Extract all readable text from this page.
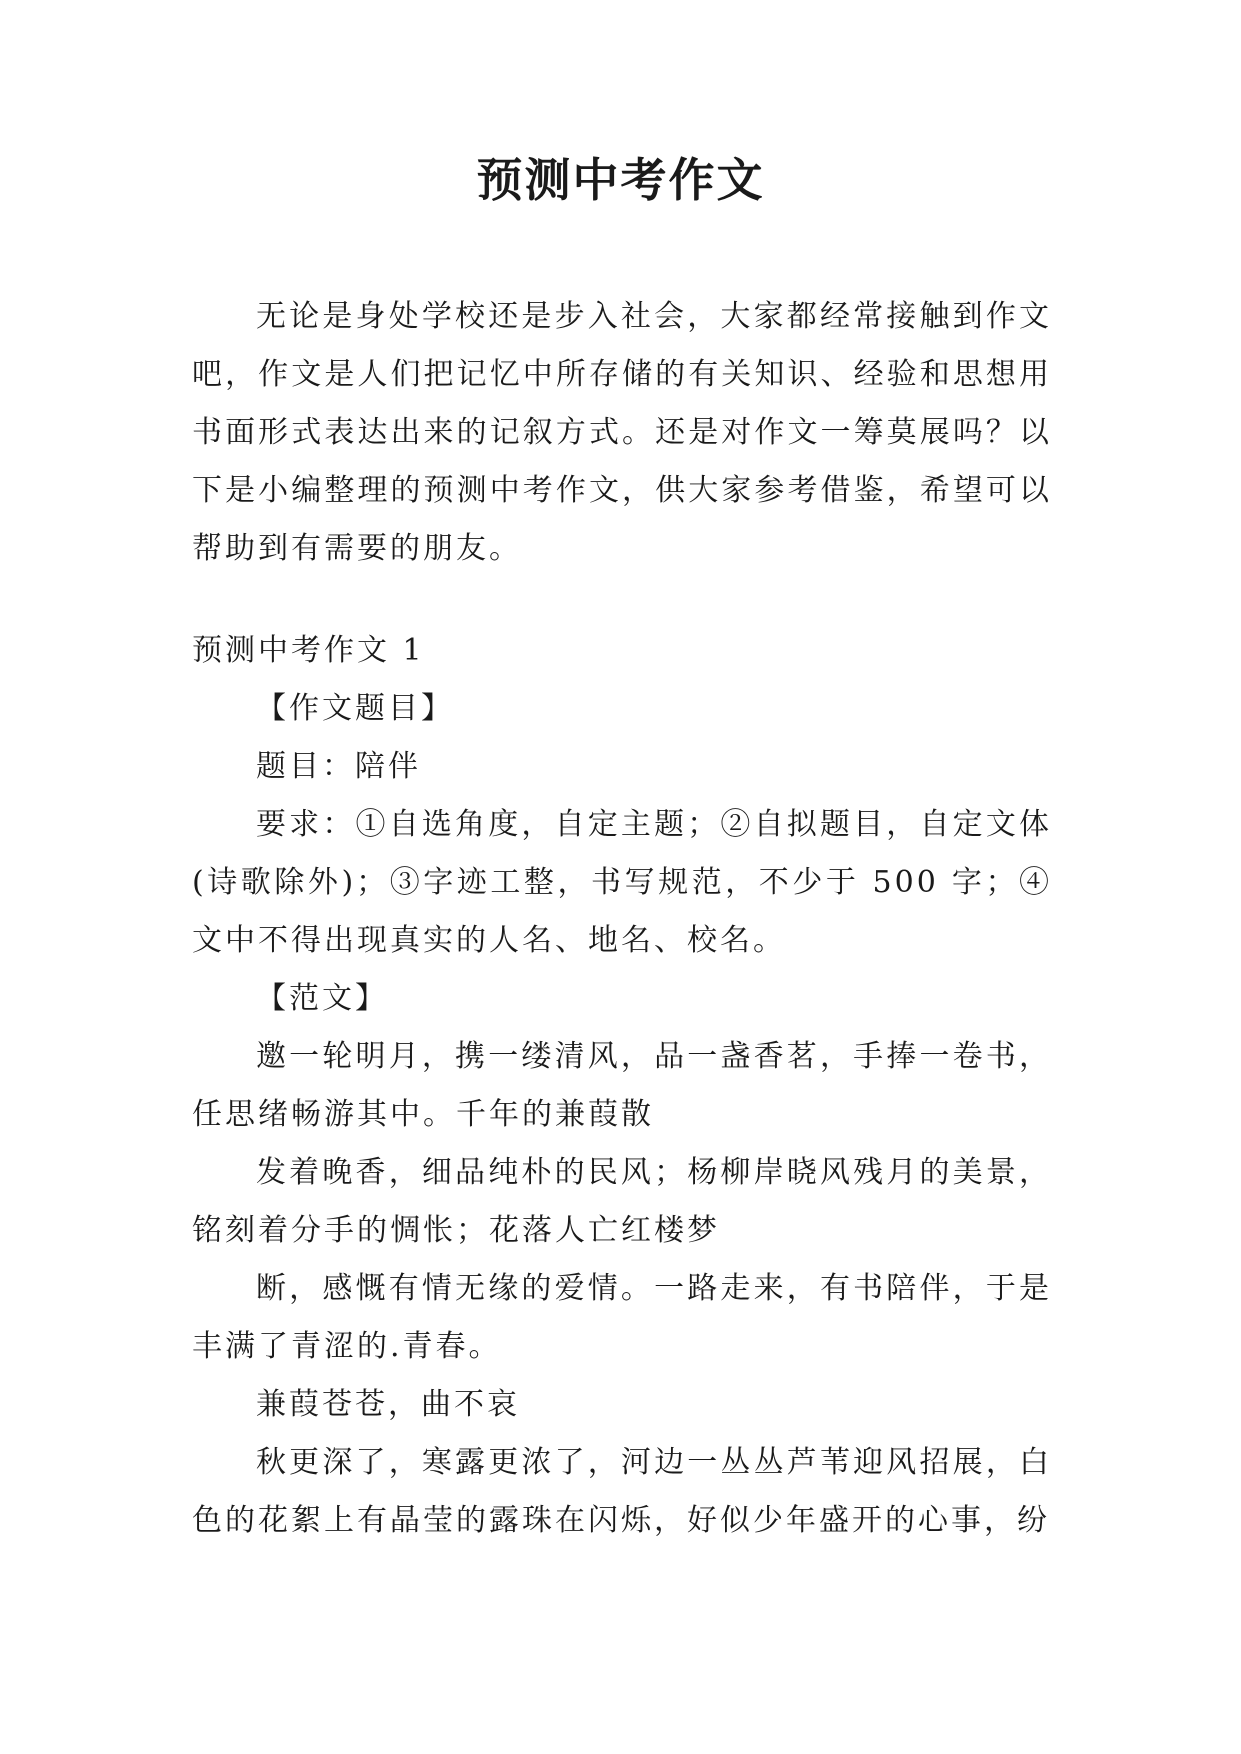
预测中考作文

无论是身处学校还是步入社会，大家都经常接触到作文吧，作文是人们把记忆中所存储的有关知识、经验和思想用书面形式表达出来的记叙方式。还是对作文一筹莫展吗？以下是小编整理的预测中考作文，供大家参考借鉴，希望可以帮助到有需要的朋友。

预测中考作文 1

【作文题目】

题目：陪伴

要求：①自选角度，自定主题；②自拟题目，自定文体(诗歌除外)；③字迹工整，书写规范，不少于 500 字；④文中不得出现真实的人名、地名、校名。

【范文】

邀一轮明月，携一缕清风，品一盏香茗，手捧一卷书，任思绪畅游其中。千年的兼葭散

发着晚香，细品纯朴的民风；杨柳岸晓风残月的美景，铭刻着分手的惆怅；花落人亡红楼梦

断，感慨有情无缘的爱情。一路走来，有书陪伴，于是丰满了青涩的.青春。

兼葭苍苍，曲不哀

秋更深了，寒露更浓了，河边一丛丛芦苇迎风招展，白色的花絮上有晶莹的露珠在闪烁，好似少年盛开的心事，纷
